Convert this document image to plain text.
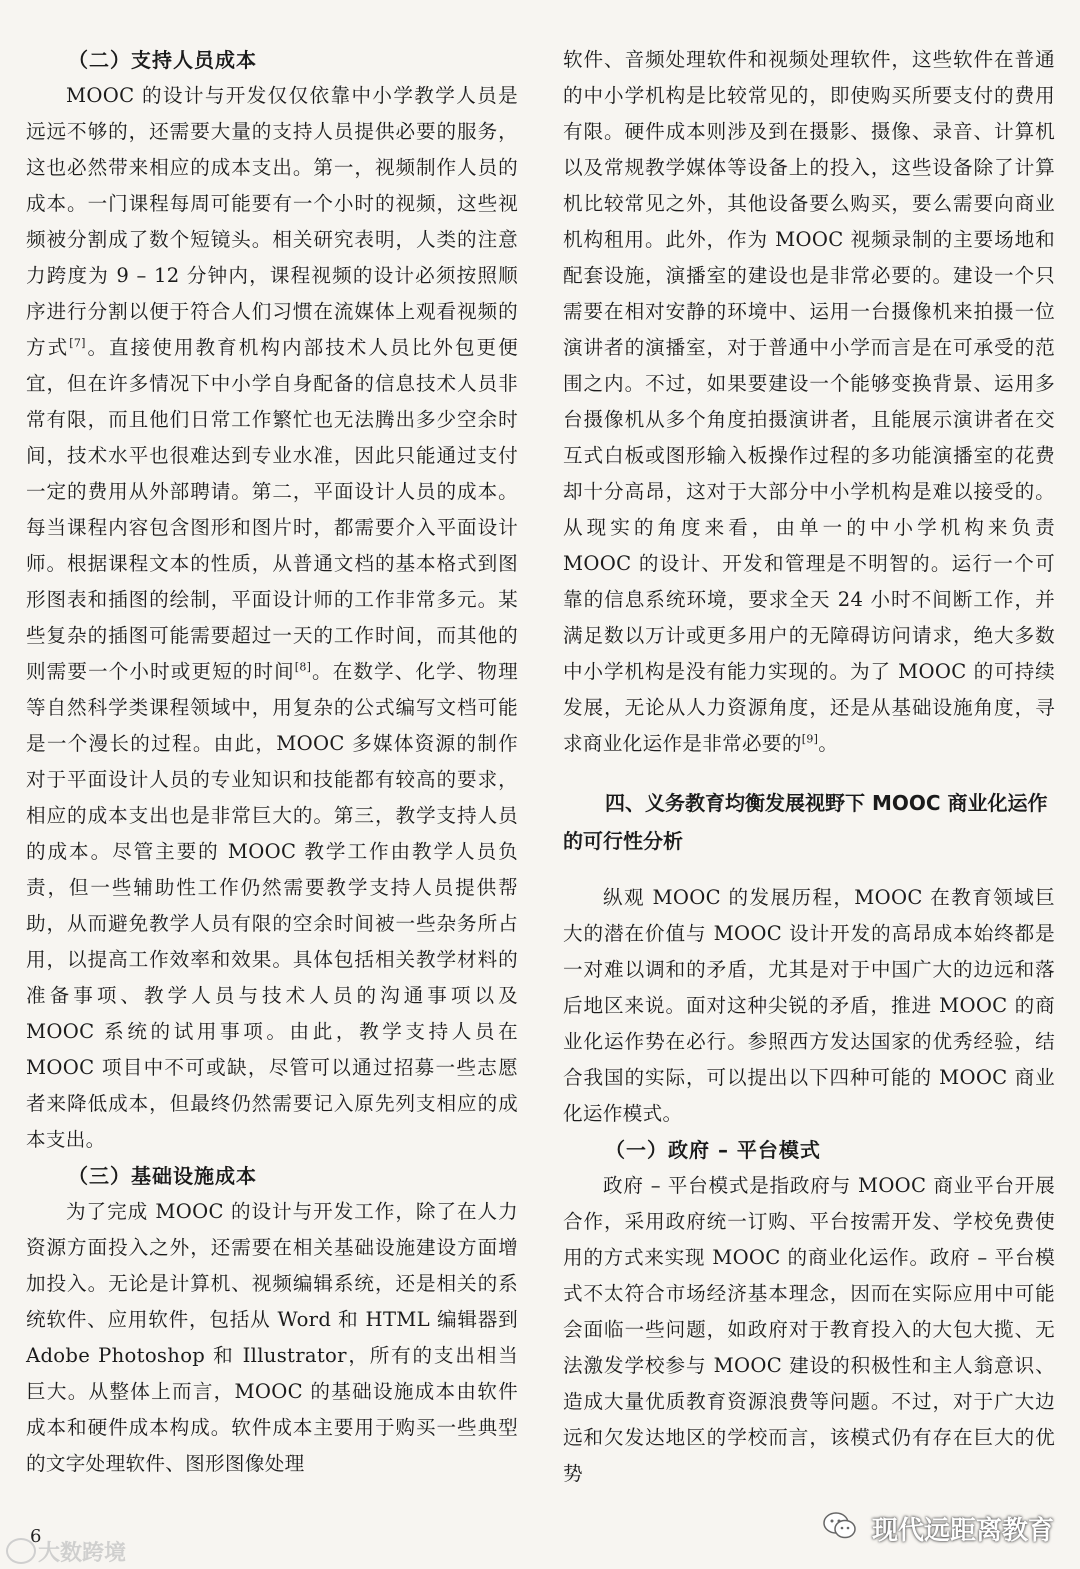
（二）支持人员成本

MOOC 的设计与开发仅仅依靠中小学教学人员是远远不够的，还需要大量的支持人员提供必要的服务，这也必然带来相应的成本支出。第一，视频制作人员的成本。一门课程每周可能要有一个小时的视频，这些视频被分割成了数个短镜头。相关研究表明，人类的注意力跨度为 9 – 12 分钟内，课程视频的设计必须按照顺序进行分割以便于符合人们习惯在流媒体上观看视频的方式[7]。直接使用教育机构内部技术人员比外包更便宜，但在许多情况下中小学自身配备的信息技术人员非常有限，而且他们日常工作繁忙也无法腾出多少空余时间，技术水平也很难达到专业水准，因此只能通过支付一定的费用从外部聘请。第二，平面设计人员的成本。每当课程内容包含图形和图片时，都需要介入平面设计师。根据课程文本的性质，从普通文档的基本格式到图形图表和插图的绘制，平面设计师的工作非常多元。某些复杂的插图可能需要超过一天的工作时间，而其他的则需要一个小时或更短的时间[8]。在数学、化学、物理等自然科学类课程领域中，用复杂的公式编写文档可能是一个漫长的过程。由此，MOOC 多媒体资源的制作对于平面设计人员的专业知识和技能都有较高的要求，相应的成本支出也是非常巨大的。第三，教学支持人员的成本。尽管主要的 MOOC 教学工作由教学人员负责，但一些辅助性工作仍然需要教学支持人员提供帮助，从而避免教学人员有限的空余时间被一些杂务所占用，以提高工作效率和效果。具体包括相关教学材料的准备事项、教学人员与技术人员的沟通事项以及 MOOC 系统的试用事项。由此，教学支持人员在 MOOC 项目中不可或缺，尽管可以通过招募一些志愿者来降低成本，但最终仍然需要记入原先列支相应的成本支出。

（三）基础设施成本

为了完成 MOOC 的设计与开发工作，除了在人力资源方面投入之外，还需要在相关基础设施建设方面增加投入。无论是计算机、视频编辑系统，还是相关的系统软件、应用软件，包括从 Word 和 HTML 编辑器到 Adobe Photoshop 和 Illustrator，所有的支出相当巨大。从整体上而言，MOOC 的基础设施成本由软件成本和硬件成本构成。软件成本主要用于购买一些典型的文字处理软件、图形图像处理

软件、音频处理软件和视频处理软件，这些软件在普通的中小学机构是比较常见的，即使购买所要支付的费用有限。硬件成本则涉及到在摄影、摄像、录音、计算机以及常规教学媒体等设备上的投入，这些设备除了计算机比较常见之外，其他设备要么购买，要么需要向商业机构租用。此外，作为 MOOC 视频录制的主要场地和配套设施，演播室的建设也是非常必要的。建设一个只需要在相对安静的环境中、运用一台摄像机来拍摄一位演讲者的演播室，对于普通中小学而言是在可承受的范围之内。不过，如果要建设一个能够变换背景、运用多台摄像机从多个角度拍摄演讲者，且能展示演讲者在交互式白板或图形输入板操作过程的多功能演播室的花费却十分高昂，这对于大部分中小学机构是难以接受的。从现实的角度来看，由单一的中小学机构来负责 MOOC 的设计、开发和管理是不明智的。运行一个可靠的信息系统环境，要求全天 24 小时不间断工作，并满足数以万计或更多用户的无障碍访问请求，绝大多数中小学机构是没有能力实现的。为了 MOOC 的可持续发展，无论从人力资源角度，还是从基础设施角度，寻求商业化运作是非常必要的[9]。

四、义务教育均衡发展视野下 MOOC 商业化运作的可行性分析

纵观 MOOC 的发展历程，MOOC 在教育领域巨大的潜在价值与 MOOC 设计开发的高昂成本始终都是一对难以调和的矛盾，尤其是对于中国广大的边远和落后地区来说。面对这种尖锐的矛盾，推进 MOOC 的商业化运作势在必行。参照西方发达国家的优秀经验，结合我国的实际，可以提出以下四种可能的 MOOC 商业化运作模式。

（一）政府 – 平台模式

政府 – 平台模式是指政府与 MOOC 商业平台开展合作，采用政府统一订购、平台按需开发、学校免费使用的方式来实现 MOOC 的商业化运作。政府 – 平台模式不太符合市场经济基本理念，因而在实际应用中可能会面临一些问题，如政府对于教育投入的大包大揽、无法激发学校参与 MOOC 建设的积极性和主人翁意识、造成大量优质教育资源浪费等问题。不过，对于广大边远和欠发达地区的学校而言，该模式仍有存在巨大的优势

6
大数跨境
现代远距离教育
